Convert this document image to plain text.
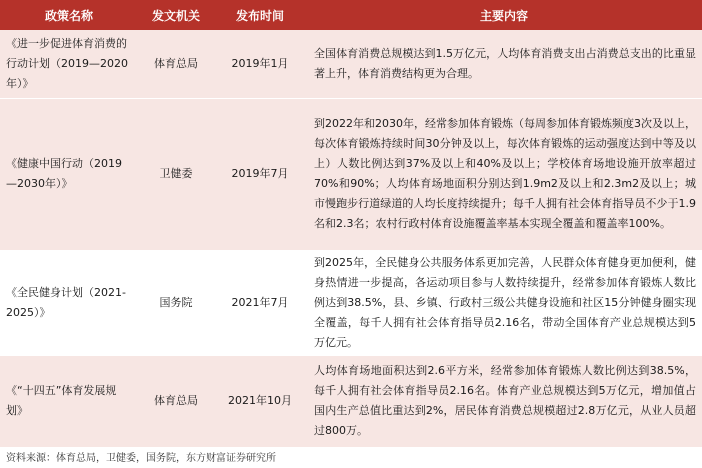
政策名称	发文机关	发布时间	主要内容
《进一步促进体育消费的行动计划（2019—2020年）》	体育总局	2019年1月	全国体育消费总规模达到1.5万亿元，人均体育消费支出占消费总支出的比重显著上升，体育消费结构更为合理。

《健康中国行动（2019—2030年）》	卫健委	2019年7月	到2022年和2030年，经常参加体育锻炼（每周参加体育锻炼频度3次及以上，每次体育锻炼持续时间30分钟及以上，每次体育锻炼的运动强度达到中等及以上）人数比例达到37%及以上和40%及以上；学校体育场地设施开放率超过70%和90%；人均体育场地面积分别达到1.9m2及以上和2.3m2及以上；城市慢跑步行道绿道的人均长度持续提升；每千人拥有社会体育指导员不少于1.9名和2.3名；农村行政村体育设施覆盖率基本实现全覆盖和覆盖率100%。

《全民健身计划（2021-2025）》	国务院	2021年7月	到2025年，全民健身公共服务体系更加完善，人民群众体育健身更加便利，健身热情进一步提高，各运动项目参与人数持续提升，经常参加体育锻炼人数比例达到38.5%，县、乡镇、行政村三级公共健身设施和社区15分钟健身圈实现全覆盖，每千人拥有社会体育指导员2.16名，带动全国体育产业总规模达到5万亿元。

《“十四五”体育发展规划》	体育总局	2021年10月	人均体育场地面积达到2.6平方米，经常参加体育锻炼人数比例达到38.5%，每千人拥有社会体育指导员2.16名。体育产业总规模达到5万亿元，增加值占国内生产总值比重达到2%，居民体育消费总规模超过2.8万亿元，从业人员超过800万。
资料来源：体育总局，卫健委，国务院，东方财富证券研究所
